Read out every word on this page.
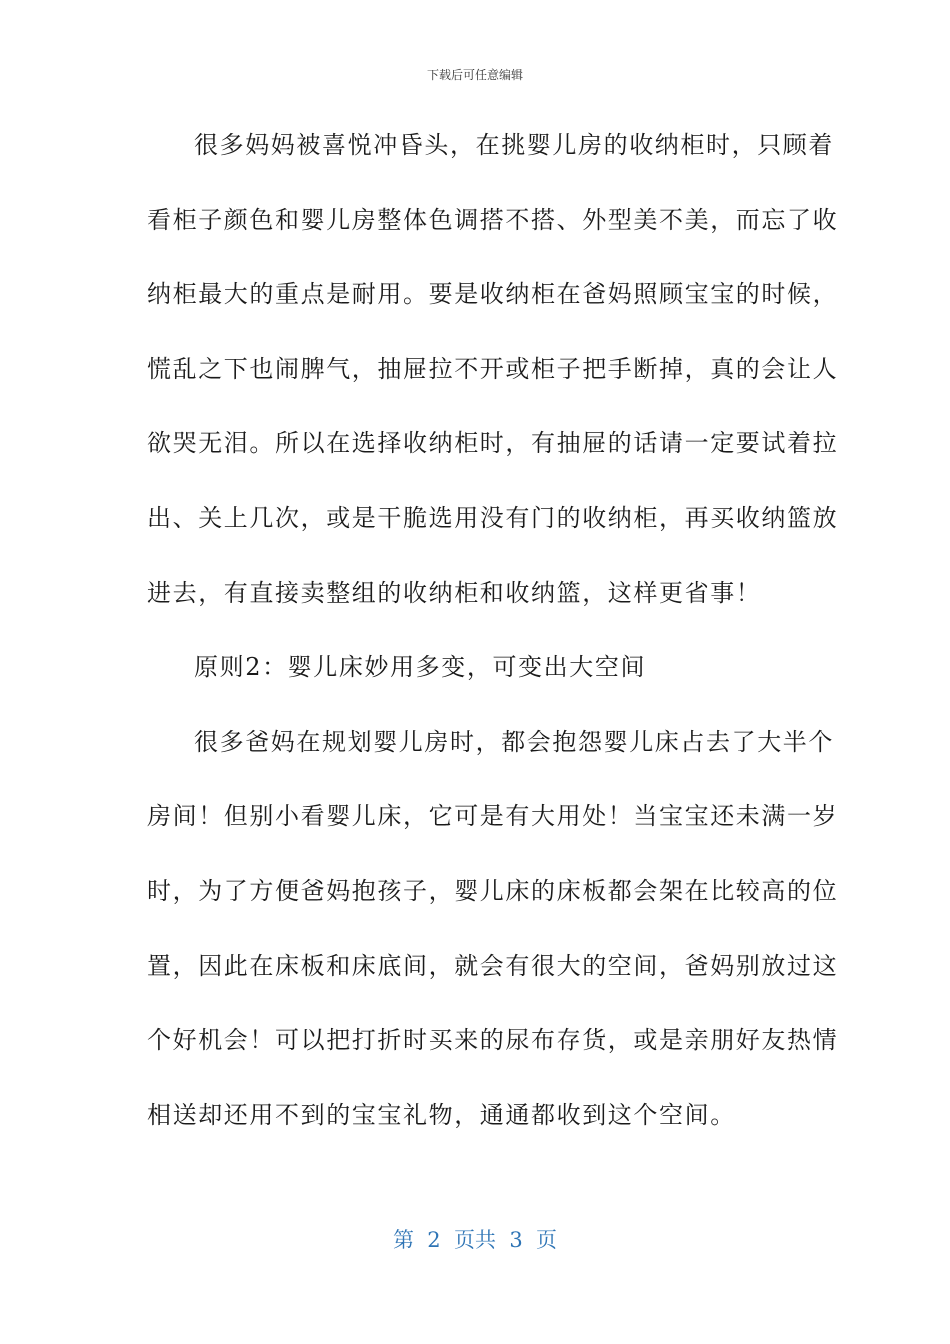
下载后可任意编辑
很多妈妈被喜悦冲昏头，在挑婴儿房的收纳柜时，只顾着
看柜子颜色和婴儿房整体色调搭不搭、外型美不美，而忘了收
纳柜最大的重点是耐用。要是收纳柜在爸妈照顾宝宝的时候，
慌乱之下也闹脾气，抽屉拉不开或柜子把手断掉，真的会让人
欲哭无泪。所以在选择收纳柜时，有抽屉的话请一定要试着拉
出、关上几次，或是干脆选用没有门的收纳柜，再买收纳篮放
进去，有直接卖整组的收纳柜和收纳篮，这样更省事！
原则2：婴儿床妙用多变，可变出大空间
很多爸妈在规划婴儿房时，都会抱怨婴儿床占去了大半个
房间！但别小看婴儿床，它可是有大用处！当宝宝还未满一岁
时，为了方便爸妈抱孩子，婴儿床的床板都会架在比较高的位
置，因此在床板和床底间，就会有很大的空间，爸妈别放过这
个好机会！可以把打折时买来的尿布存货，或是亲朋好友热情
相送却还用不到的宝宝礼物，通通都收到这个空间。
第  2  页共  3  页
